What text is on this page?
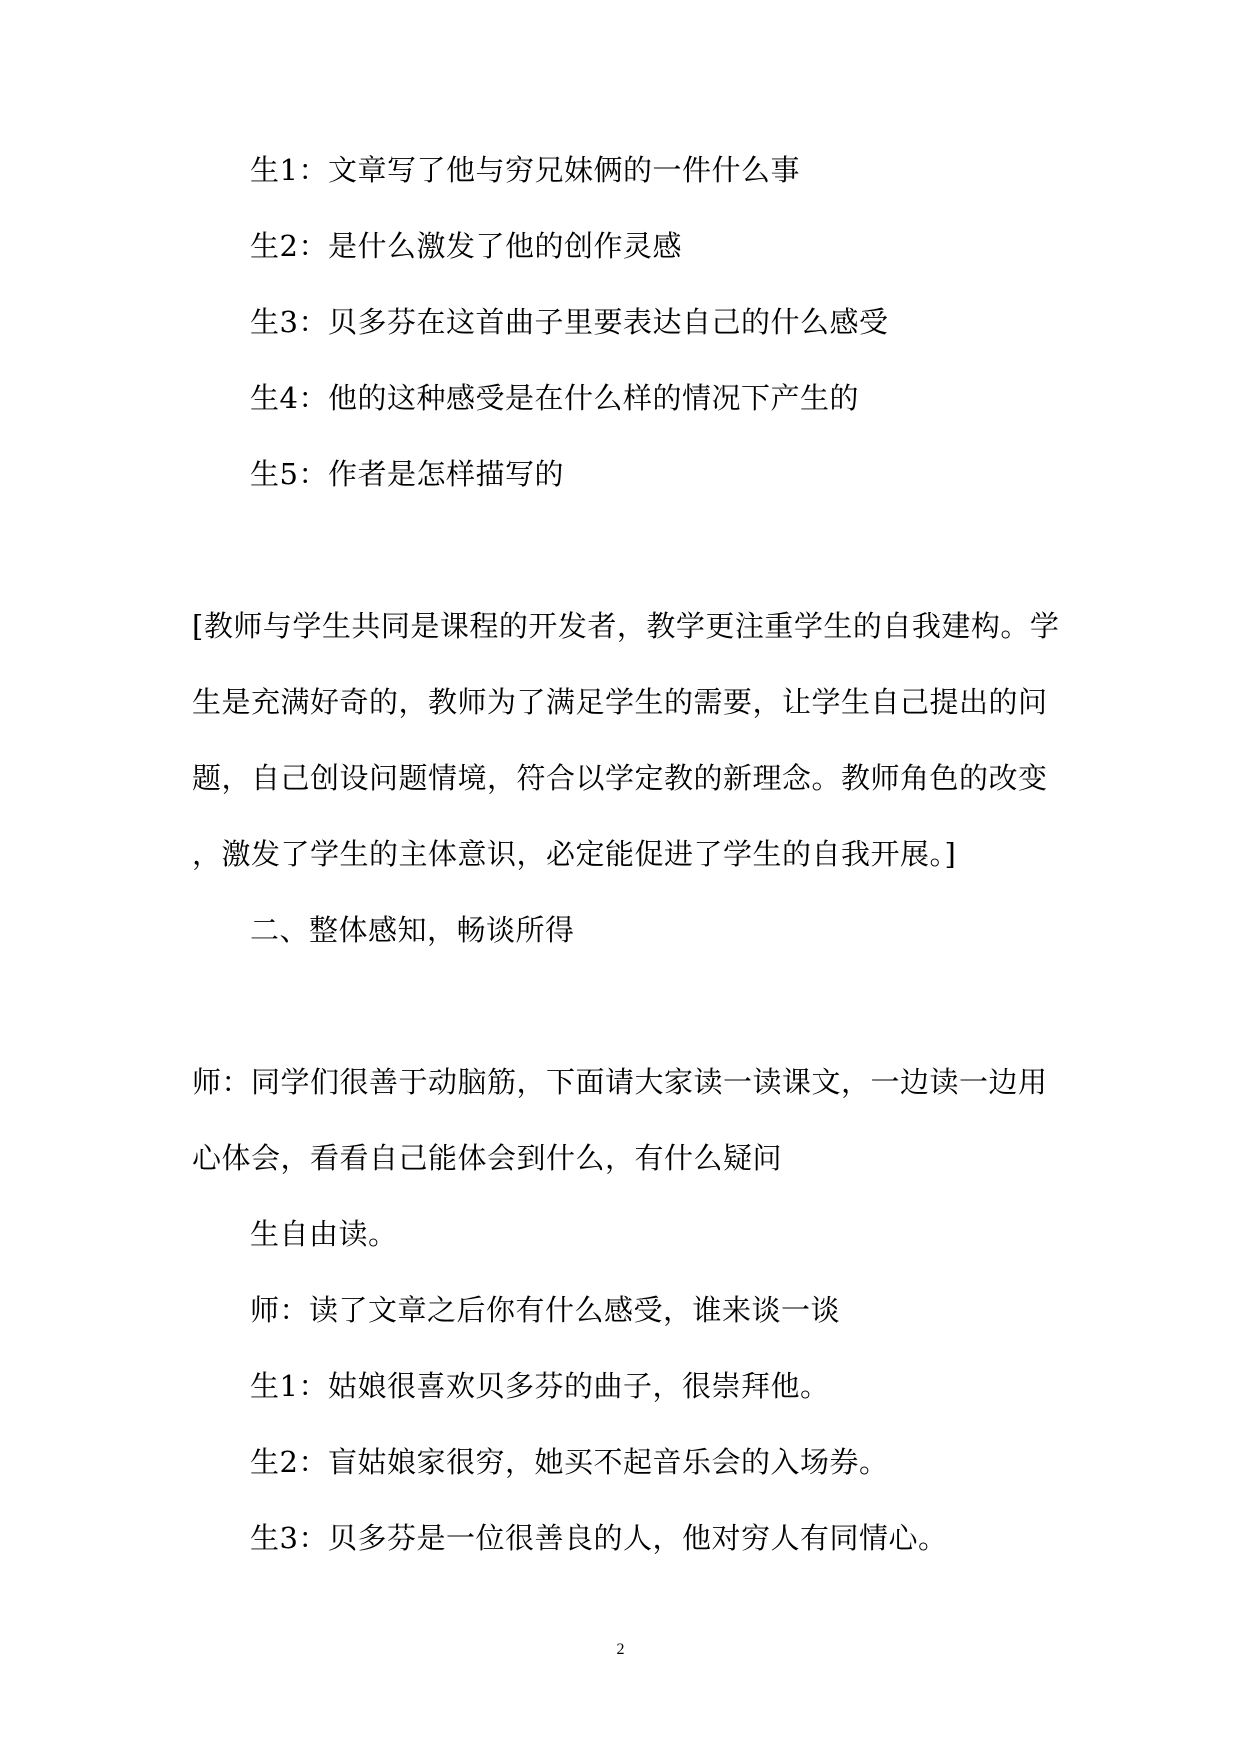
生1：文章写了他与穷兄妹俩的一件什么事
生2：是什么激发了他的创作灵感
生3：贝多芬在这首曲子里要表达自己的什么感受
生4：他的这种感受是在什么样的情况下产生的
生5：作者是怎样描写的
[教师与学生共同是课程的开发者，教学更注重学生的自我建构。学
生是充满好奇的，教师为了满足学生的需要，让学生自己提出的问
题，自己创设问题情境，符合以学定教的新理念。教师角色的改变
，激发了学生的主体意识，必定能促进了学生的自我开展。]
二、整体感知，畅谈所得
师：同学们很善于动脑筋，下面请大家读一读课文，一边读一边用
心体会，看看自己能体会到什么，有什么疑问
生自由读。
师：读了文章之后你有什么感受，谁来谈一谈
生1：姑娘很喜欢贝多芬的曲子，很崇拜他。
生2：盲姑娘家很穷，她买不起音乐会的入场券。
生3：贝多芬是一位很善良的人，他对穷人有同情心。
2
